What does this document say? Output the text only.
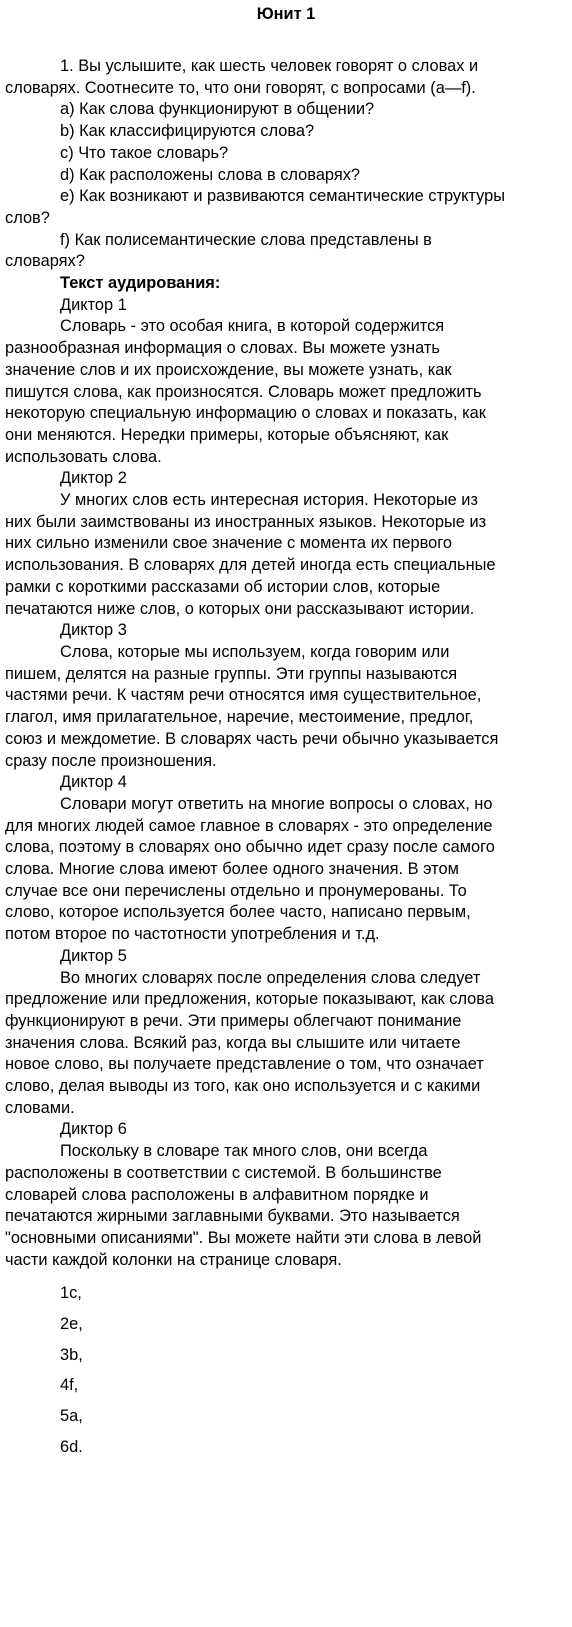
Юнит 1

1. Вы услышите, как шесть человек говорят о словах и
словарях. Соотнесите то, что они говорят, с вопросами (a—f).

a) Как слова функционируют в общении?

b) Как классифицируются слова?

c) Что такое словарь?

d) Как расположены слова в словарях?

e) Как возникают и развиваются семантические структуры
слов?

f) Как полисемантические слова представлены в
словарях?

Текст аудирования:

Диктор 1

Словарь - это особая книга, в которой содержится
разнообразная информация о словах. Вы можете узнать
значение слов и их происхождение, вы можете узнать, как
пишутся слова, как произносятся. Словарь может предложить
некоторую специальную информацию о словах и показать, как
они меняются. Нередки примеры, которые объясняют, как
использовать слова.

Диктор 2

У многих слов есть интересная история. Некоторые из
них были заимствованы из иностранных языков. Некоторые из
них сильно изменили свое значение с момента их первого
использования. В словарях для детей иногда есть специальные
рамки с короткими рассказами об истории слов, которые
печатаются ниже слов, о которых они рассказывают истории.

Диктор 3

Слова, которые мы используем, когда говорим или
пишем, делятся на разные группы. Эти группы называются
частями речи. К частям речи относятся имя существительное,
глагол, имя прилагательное, наречие, местоимение, предлог,
союз и междометие. В словарях часть речи обычно указывается
сразу после произношения.

Диктор 4

Словари могут ответить на многие вопросы о словах, но
для многих людей самое главное в словарях - это определение
слова, поэтому в словарях оно обычно идет сразу после самого
слова. Многие слова имеют более одного значения. В этом
случае все они перечислены отдельно и пронумерованы. То
слово, которое используется более часто, написано первым,
потом второе по частотности употребления и т.д.

Диктор 5

Во многих словарях после определения слова следует
предложение или предложения, которые показывают, как слова
функционируют в речи. Эти примеры облегчают понимание
значения слова. Всякий раз, когда вы слышите или читаете
новое слово, вы получаете представление о том, что означает
слово, делая выводы из того, как оно используется и с какими
словами.

Диктор 6

Поскольку в словаре так много слов, они всегда
расположены в соответствии с системой. В большинстве
словарей слова расположены в алфавитном порядке и
печатаются жирными заглавными буквами. Это называется
"основными описаниями". Вы можете найти эти слова в левой
части каждой колонки на странице словаря.

1c,
2e,
3b,
4f,
5a,
6d.
